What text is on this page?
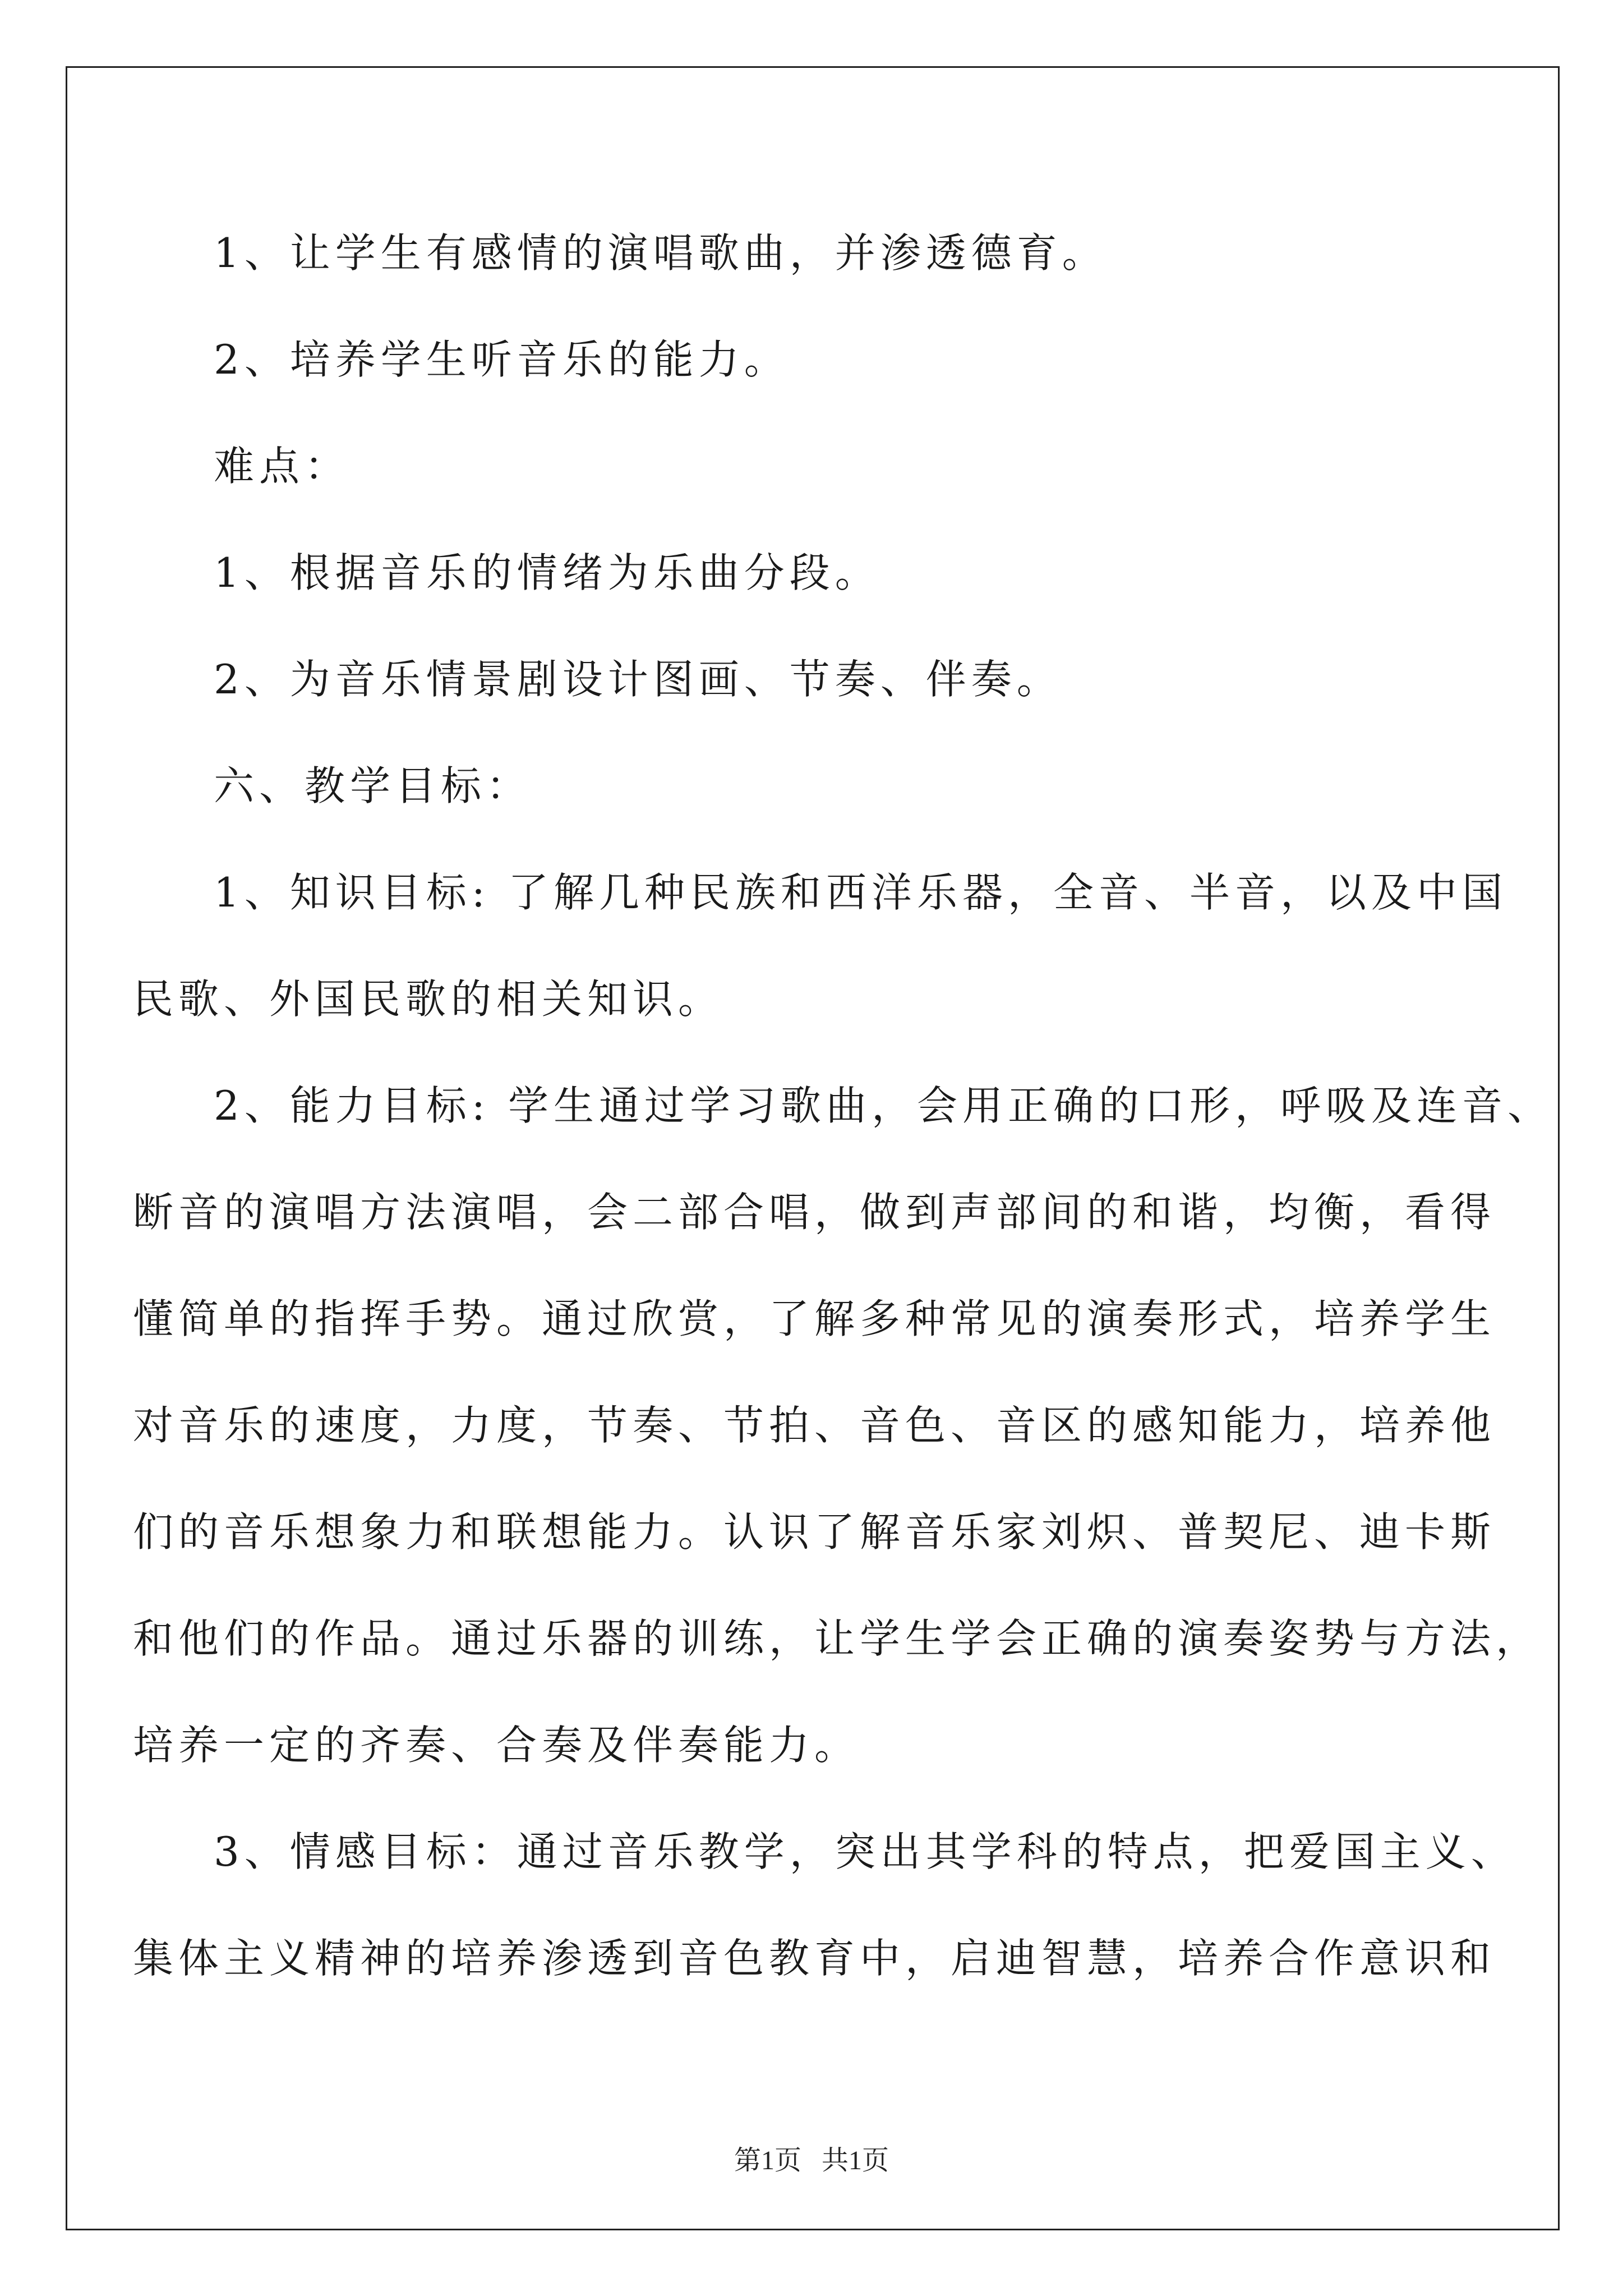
1、让学生有感情的演唱歌曲，并渗透德育。

2、培养学生听音乐的能力。

难点：

1、根据音乐的情绪为乐曲分段。

2、为音乐情景剧设计图画、节奏、伴奏。

六、教学目标：

1、知识目标: 了解几种民族和西洋乐器，全音、半音，以及中国

民歌、外国民歌的相关知识。

2、能力目标: 学生通过学习歌曲，会用正确的口形，呼吸及连音、

断音的演唱方法演唱，会二部合唱，做到声部间的和谐，均衡，看得

懂简单的指挥手势。通过欣赏，了解多种常见的演奏形式，培养学生

对音乐的速度，力度，节奏、节拍、音色、音区的感知能力，培养他

们的音乐想象力和联想能力。认识了解音乐家刘炽、普契尼、迪卡斯

和他们的作品。通过乐器的训练，让学生学会正确的演奏姿势与方法，

培养一定的齐奏、合奏及伴奏能力。

3、情感目标：通过音乐教学，突出其学科的特点，把爱国主义、

集体主义精神的培养渗透到音色教育中，启迪智慧，培养合作意识和

第1页   共1页
